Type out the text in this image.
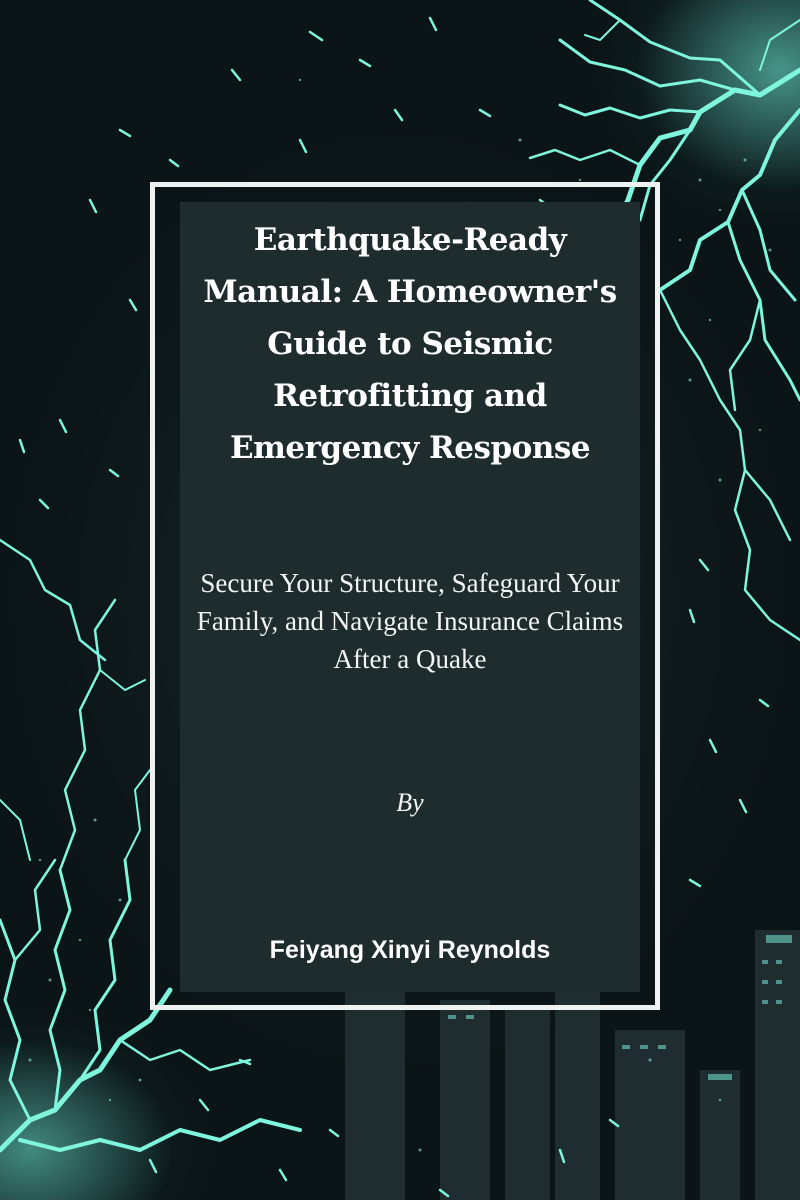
Earthquake-Ready Manual: A Homeowner's Guide to Seismic Retrofitting and Emergency Response

Secure Your Structure, Safeguard Your Family, and Navigate Insurance Claims After a Quake

By
Feiyang Xinyi Reynolds
